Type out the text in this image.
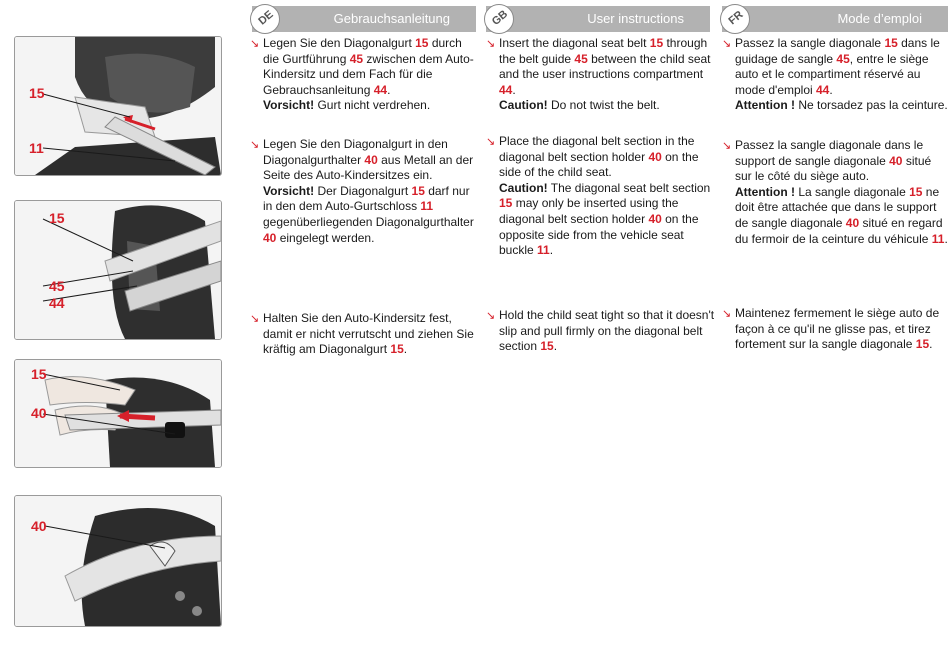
15
11
15
45
44
15
40
40
DE	Gebrauchsanleitung	GB	User instructions	FR	Mode d’emploi
↘ Legen Sie den Diagonalgurt 15 durch die Gurtführung 45 zwischen dem Auto-Kindersitz und dem Fach für die Gebrauchsanleitung 44.
Vorsicht! Gurt nicht verdrehen.
↘ Legen Sie den Diagonalgurt in den Diagonalgurthalter 40 aus Metall an der Seite des Auto-Kindersitzes ein.
Vorsicht! Der Diagonalgurt 15 darf nur in den dem Auto-Gurtschloss 11 gegenüberliegenden Diagonalgurthalter 40 eingelegt werden.
↘ Halten Sie den Auto-Kindersitz fest, damit er nicht verrutscht und ziehen Sie kräftig am Diagonalgurt 15.
↘ Insert the diagonal seat belt 15 through the belt guide 45 between the child seat and the user instructions compartment 44.
Caution! Do not twist the belt.
↘ Place the diagonal belt section in the diagonal belt section holder 40 on the side of the child seat.
Caution! The diagonal seat belt section 15 may only be inserted using the diagonal belt section holder 40 on the opposite side from the vehicle seat buckle 11.
↘ Hold the child seat tight so that it doesn't slip and pull firmly on the diagonal belt section 15.
↘ Passez la sangle diagonale 15 dans le guidage de sangle 45, entre le siège auto et le compartiment réservé au mode d'emploi 44.
Attention ! Ne torsadez pas la ceinture.
↘ Passez la sangle diagonale dans le support de sangle diagonale 40 situé sur le côté du siège auto.
Attention ! La sangle diagonale 15 ne doit être attachée que dans le support de sangle diagonale 40 situé en regard du fermoir de la ceinture du véhicule 11.
↘ Maintenez fermement le siège auto de façon à ce qu'il ne glisse pas, et tirez fortement sur la sangle diagonale 15.
